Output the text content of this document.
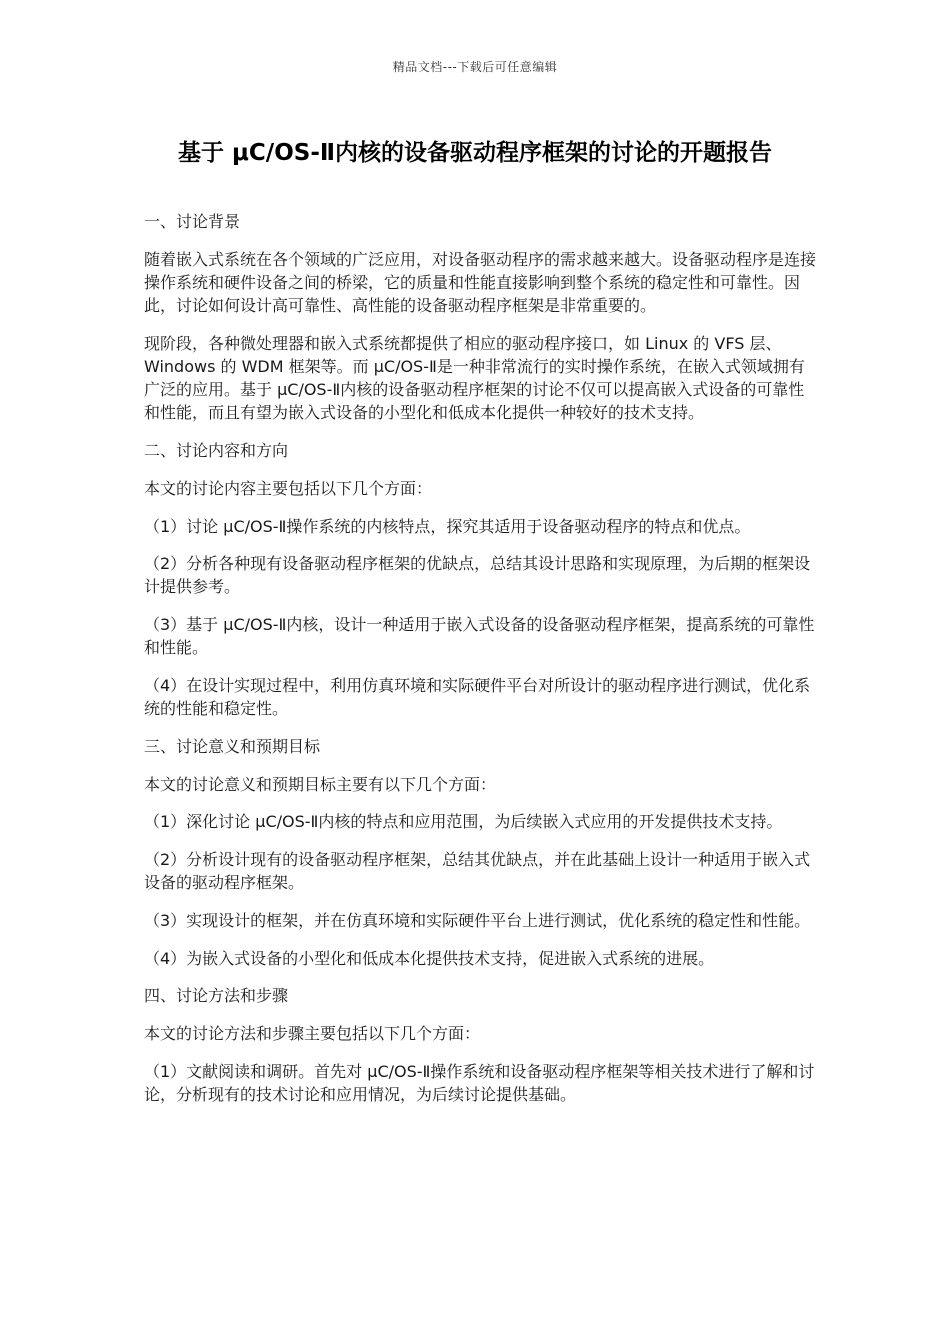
精品文档---下载后可任意编辑
基于 μC/OS-Ⅱ内核的设备驱动程序框架的讨论的开题报告

一、讨论背景

随着嵌入式系统在各个领域的广泛应用，对设备驱动程序的需求越来越大。设备驱动程序是连接操作系统和硬件设备之间的桥梁，它的质量和性能直接影响到整个系统的稳定性和可靠性。因此，讨论如何设计高可靠性、高性能的设备驱动程序框架是非常重要的。

现阶段，各种微处理器和嵌入式系统都提供了相应的驱动程序接口，如 Linux 的 VFS 层、Windows 的 WDM 框架等。而 μC/OS-Ⅱ是一种非常流行的实时操作系统，在嵌入式领域拥有广泛的应用。基于 μC/OS-Ⅱ内核的设备驱动程序框架的讨论不仅可以提高嵌入式设备的可靠性和性能，而且有望为嵌入式设备的小型化和低成本化提供一种较好的技术支持。

二、讨论内容和方向

本文的讨论内容主要包括以下几个方面：

（1）讨论 μC/OS-Ⅱ操作系统的内核特点，探究其适用于设备驱动程序的特点和优点。

（2）分析各种现有设备驱动程序框架的优缺点，总结其设计思路和实现原理，为后期的框架设计提供参考。

（3）基于 μC/OS-Ⅱ内核，设计一种适用于嵌入式设备的设备驱动程序框架，提高系统的可靠性和性能。

（4）在设计实现过程中，利用仿真环境和实际硬件平台对所设计的驱动程序进行测试，优化系统的性能和稳定性。

三、讨论意义和预期目标

本文的讨论意义和预期目标主要有以下几个方面：

（1）深化讨论 μC/OS-Ⅱ内核的特点和应用范围，为后续嵌入式应用的开发提供技术支持。

（2）分析设计现有的设备驱动程序框架，总结其优缺点，并在此基础上设计一种适用于嵌入式设备的驱动程序框架。

（3）实现设计的框架，并在仿真环境和实际硬件平台上进行测试，优化系统的稳定性和性能。

（4）为嵌入式设备的小型化和低成本化提供技术支持，促进嵌入式系统的进展。

四、讨论方法和步骤

本文的讨论方法和步骤主要包括以下几个方面：

（1）文献阅读和调研。首先对 μC/OS-Ⅱ操作系统和设备驱动程序框架等相关技术进行了解和讨论，分析现有的技术讨论和应用情况，为后续讨论提供基础。
